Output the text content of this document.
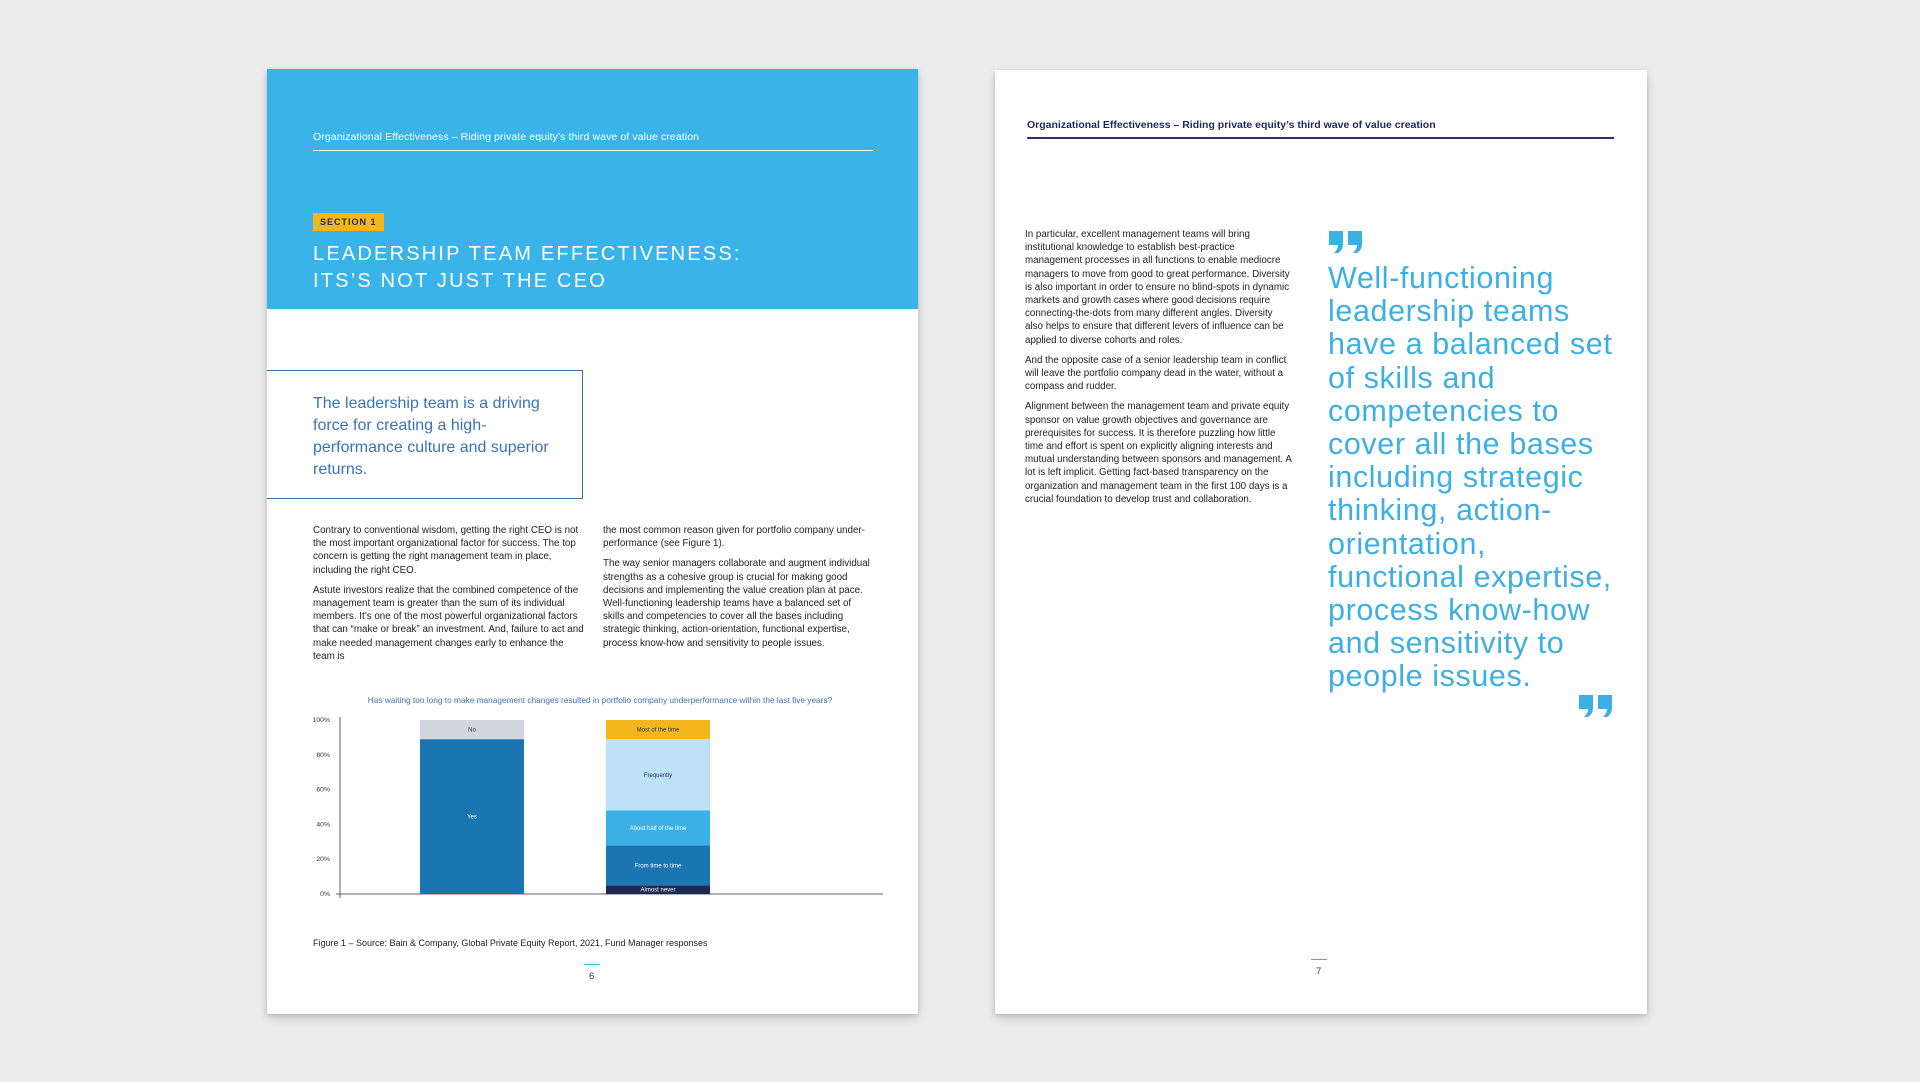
Organizational Effectiveness – Riding private equity’s third wave of value creation
SECTION 1
LEADERSHIP TEAM EFFECTIVENESS:
ITS’S NOT JUST THE CEO
The leadership team is a driving force for creating a high-performance culture and superior returns.

Contrary to conventional wisdom, getting the right CEO is not the most important organizational factor for success. The top concern is getting the right management team in place, including the right CEO.

Astute investors realize that the combined competence of the management team is greater than the sum of its individual members. It’s one of the most powerful organizational factors that can “make or break” an investment. And, failure to act and make needed management changes early to enhance the team is

the most common reason given for portfolio company under-performance (see Figure 1).

The way senior managers collaborate and augment individual strengths as a cohesive group is crucial for making good decisions and implementing the value creation plan at pace. Well-functioning leadership teams have a balanced set of skills and competencies to cover all the bases including strategic thinking, action-orientation, functional expertise, process know-how and sensitivity to people issues.

Has waiting too long to make management changes resulted in portfolio company underperformance within the last five years?
0%
20%
40%
60%
80%
100%
Yes
No
Almost never
From time to time
About half of the time
Frequently
Most of the time
Figure 1 – Source: Bain & Company, Global Private Equity Report, 2021, Fund Manager responses
6
Organizational Effectiveness – Riding private equity’s third wave of value creation

In particular, excellent management teams will bring institutional knowledge to establish best-practice management processes in all functions to enable mediocre managers to move from good to great performance. Diversity is also important in order to ensure no blind-spots in dynamic markets and growth cases where good decisions require connecting-the-dots from many different angles. Diversity also helps to ensure that different levers of influence can be applied to diverse cohorts and roles.

And the opposite case of a senior leadership team in conflict will leave the portfolio company dead in the water, without a compass and rudder.

Alignment between the management team and private equity sponsor on value growth objectives and governance are prerequisites for success. It is therefore puzzling how little time and effort is spent on explicitly aligning interests and mutual understanding between sponsors and management. A lot is left implicit. Getting fact-based transparency on the organization and management team in the first 100 days is a crucial foundation to develop trust and collaboration.

Well-functioning leadership teams have a balanced set of skills and competencies to cover all the bases including strategic thinking, action-orientation, functional expertise, process know-how and sensitivity to people issues.
7
